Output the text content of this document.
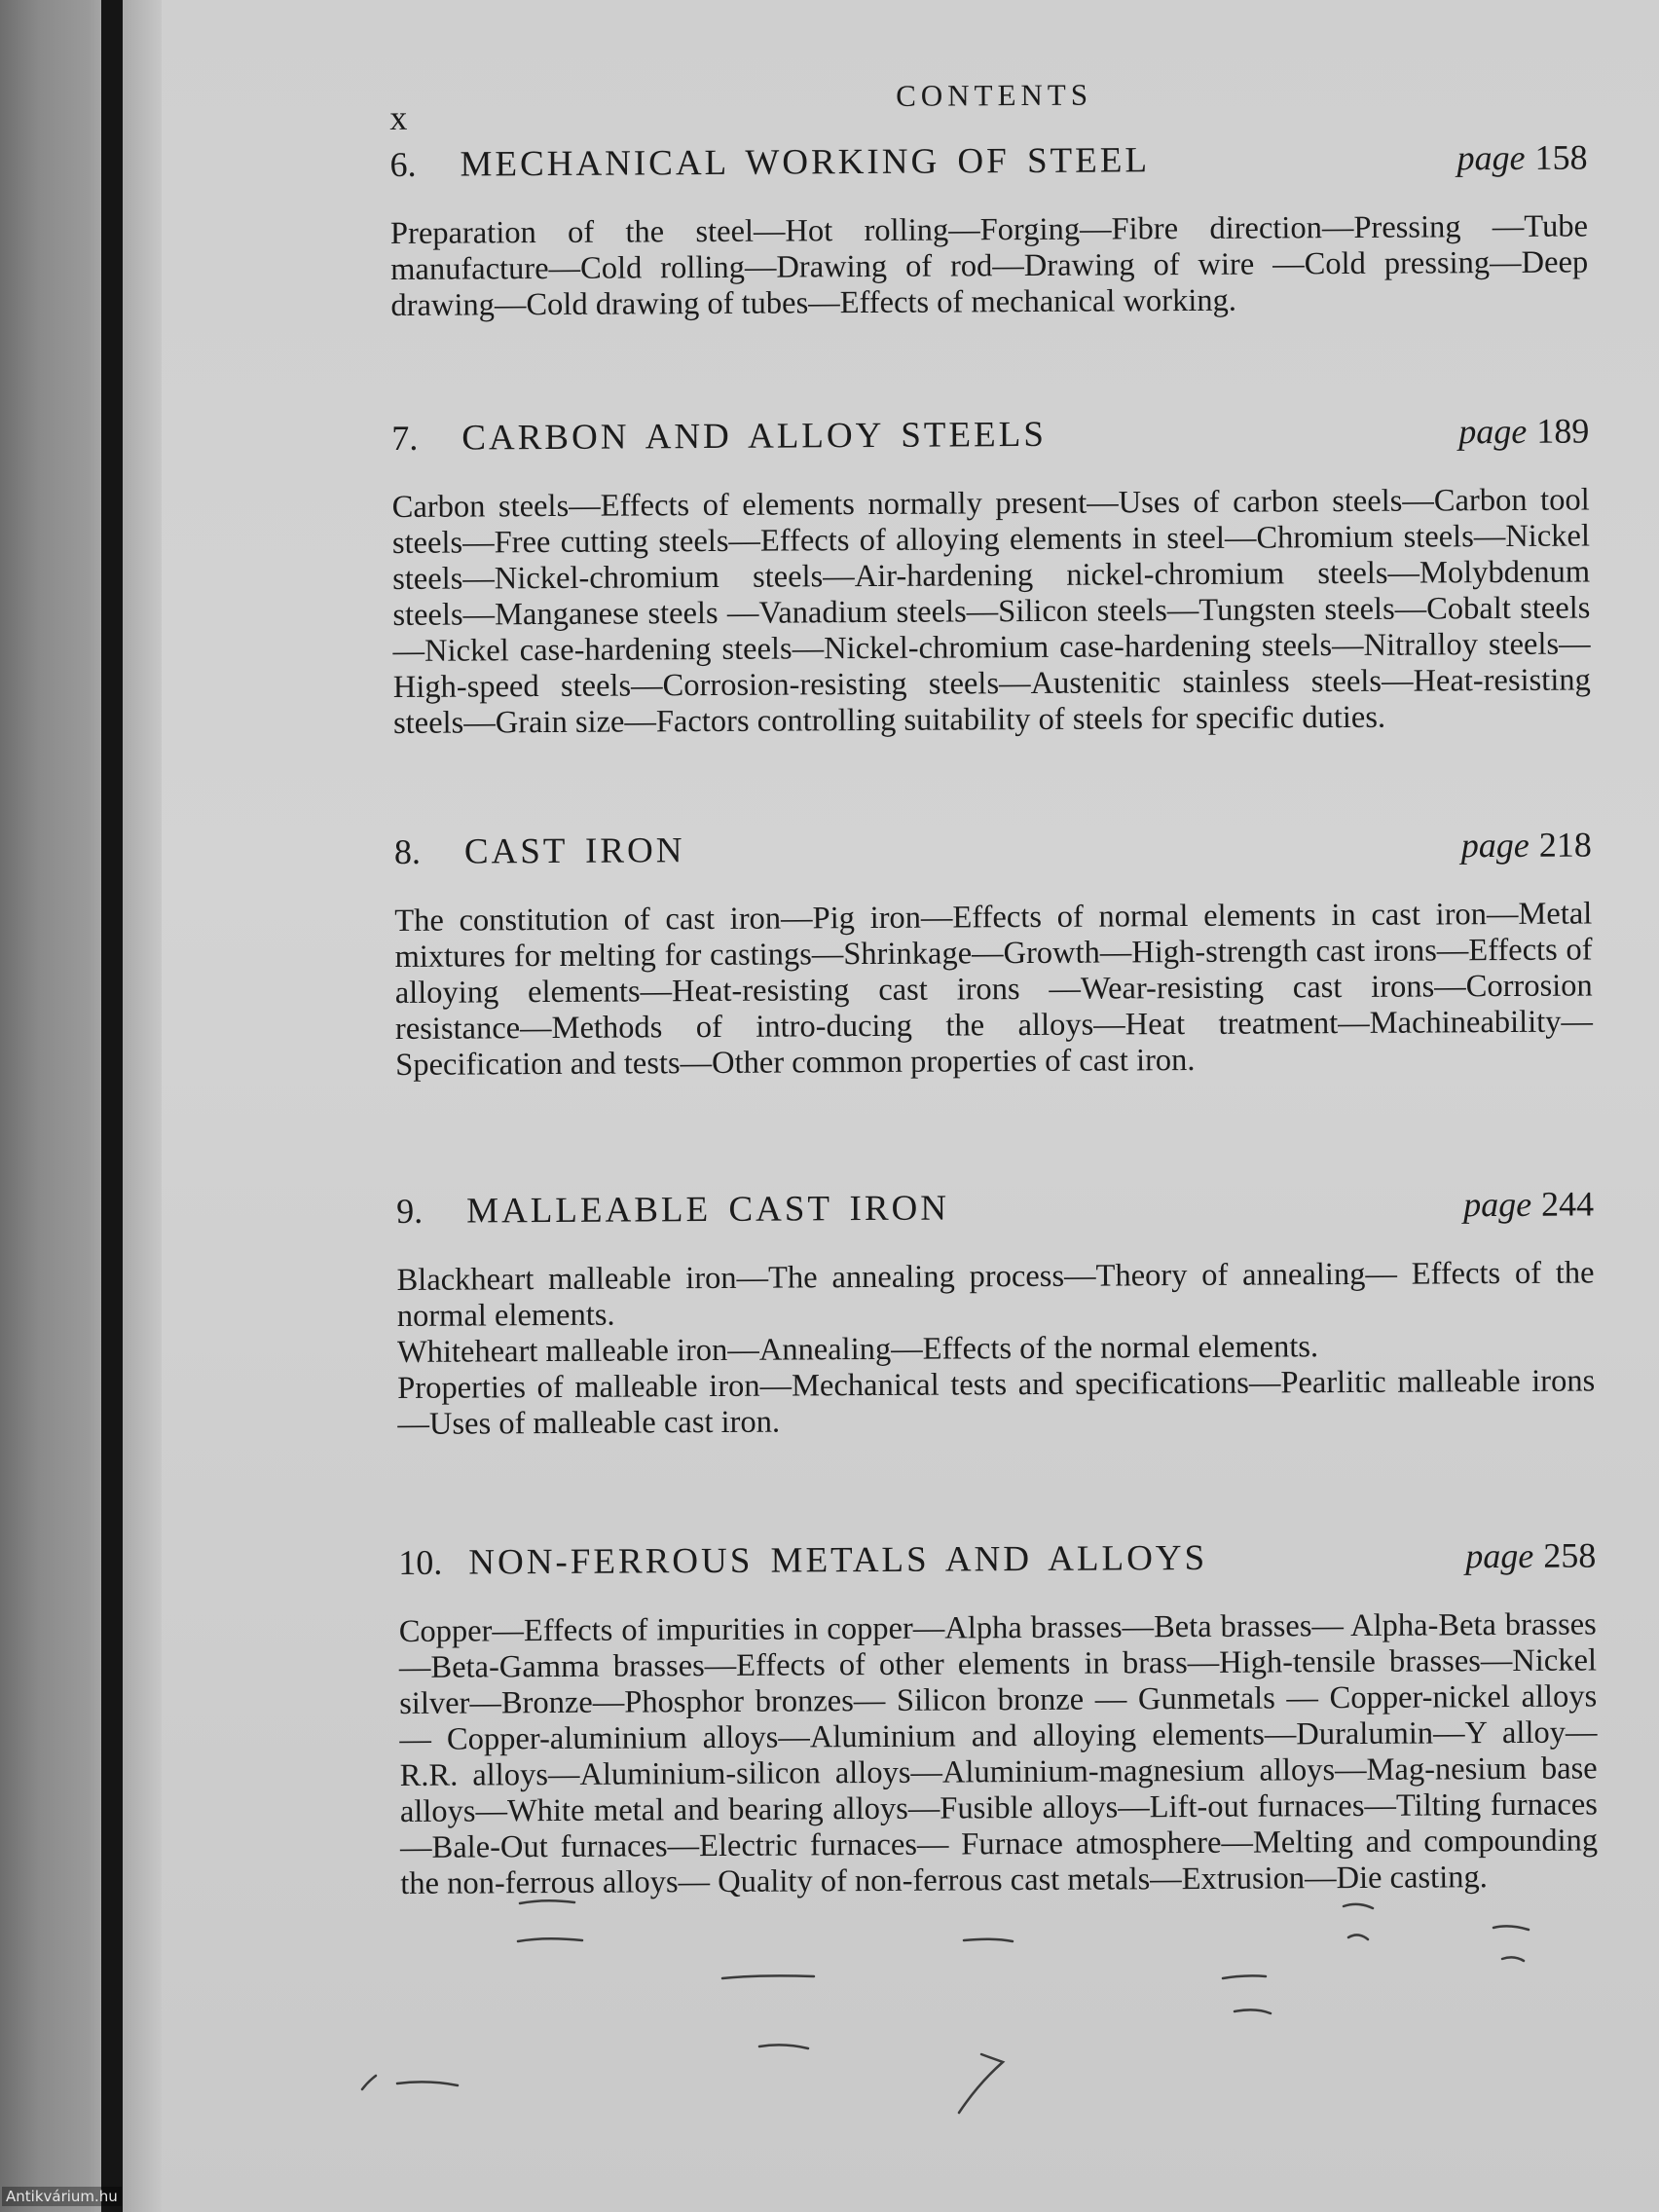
x
CONTENTS
6.	MECHANICAL WORKING OF STEEL	page 158

Preparation of the steel—Hot rolling—Forging—Fibre direction—Pressing —Tube manufacture—Cold rolling—Drawing of rod—Drawing of wire —Cold pressing—Deep drawing—Cold drawing of tubes—Effects of mechanical working.

7.	CARBON AND ALLOY STEELS	page 189

Carbon steels—Effects of elements normally present—Uses of carbon steels—Carbon tool steels—Free cutting steels—Effects of alloying elements in steel—Chromium steels—Nickel steels—Nickel-chromium steels—Air-hardening nickel-chromium steels—Molybdenum steels—Manganese steels —Vanadium steels—Silicon steels—Tungsten steels—Cobalt steels—Nickel case-hardening steels—Nickel-chromium case-hardening steels—Nitralloy steels—High-speed steels—Corrosion-resisting steels—Austenitic stainless steels—Heat-resisting steels—Grain size—Factors controlling suitability of steels for specific duties.

8.	CAST IRON	page 218

The constitution of cast iron—Pig iron—Effects of normal elements in cast iron—Metal mixtures for melting for castings—Shrinkage—Growth—High-strength cast irons—Effects of alloying elements—Heat-resisting cast irons —Wear-resisting cast irons—Corrosion resistance—Methods of intro-ducing the alloys—Heat treatment—Machineability—Specification and tests—Other common properties of cast iron.

9.	MALLEABLE CAST IRON	page 244

Blackheart malleable iron—The annealing process—Theory of annealing— Effects of the normal elements.

Whiteheart malleable iron—Annealing—Effects of the normal elements.

Properties of malleable iron—Mechanical tests and specifications—Pearlitic malleable irons—Uses of malleable cast iron.

10. NON-FERROUS METALS AND ALLOYS	page 258

Copper—Effects of impurities in copper—Alpha brasses—Beta brasses— Alpha-Beta brasses—Beta-Gamma brasses—Effects of other elements in brass—High-tensile brasses—Nickel silver—Bronze—Phosphor bronzes— Silicon bronze — Gunmetals — Copper-nickel alloys — Copper-aluminium alloys—Aluminium and alloying elements—Duralumin—Y alloy—R.R. alloys—Aluminium-silicon alloys—Aluminium-magnesium alloys—Mag-nesium base alloys—White metal and bearing alloys—Fusible alloys—Lift-out furnaces—Tilting furnaces—Bale-Out furnaces—Electric furnaces— Furnace atmosphere—Melting and compounding the non-ferrous alloys— Quality of non-ferrous cast metals—Extrusion—Die casting.

Antikvárium.hu
